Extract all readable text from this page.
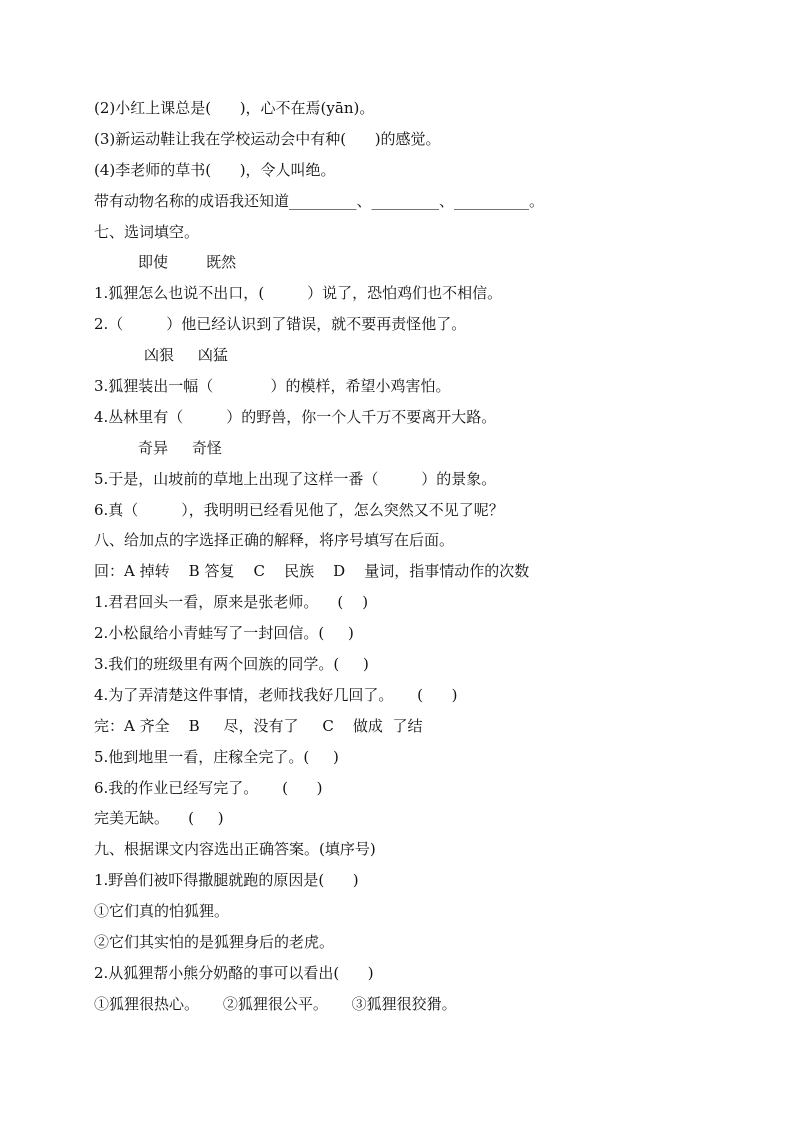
(2)小红上课总是(      )，心不在焉(yān)。
(3)新运动鞋让我在学校运动会中有种(      )的感觉。
(4)李老师的草书(      )，令人叫绝。
带有动物名称的成语我还知道_________、_________、__________。
七、选词填空。
即使        既然
1.狐狸怎么也说不出口，(         ）说了，恐怕鸡们也不相信。
2.（         ）他已经认识到了错误，就不要再责怪他了。
凶狠     凶猛
3.狐狸装出一幅（            ）的模样，希望小鸡害怕。
4.丛林里有（         ）的野兽，你一个人千万不要离开大路。
奇异     奇怪
5.于是，山坡前的草地上出现了这样一番（         ）的景象。
6.真（         ），我明明已经看见他了，怎么突然又不见了呢？
八、给加点的字选择正确的解释，将序号填写在后面。
回：A 掉转    B 答复    C    民族    D    量词，指事情动作的次数
1.君君回头一看，原来是张老师。    (    )
2.小松鼠给小青蛙写了一封回信。(     )
3.我们的班级里有两个回族的同学。(     )
4.为了弄清楚这件事情，老师找我好几回了。     (      )
完：A 齐全    B     尽，没有了     C    做成  了结
5.他到地里一看，庄稼全完了。(     )
6.我的作业已经写完了。     (      )
完美无缺。    (     )
九、根据课文内容选出正确答案。(填序号)
1.野兽们被吓得撒腿就跑的原因是(      )
①它们真的怕狐狸。
②它们其实怕的是狐狸身后的老虎。
2.从狐狸帮小熊分奶酪的事可以看出(      )
①狐狸很热心。     ②狐狸很公平。     ③狐狸很狡猾。
